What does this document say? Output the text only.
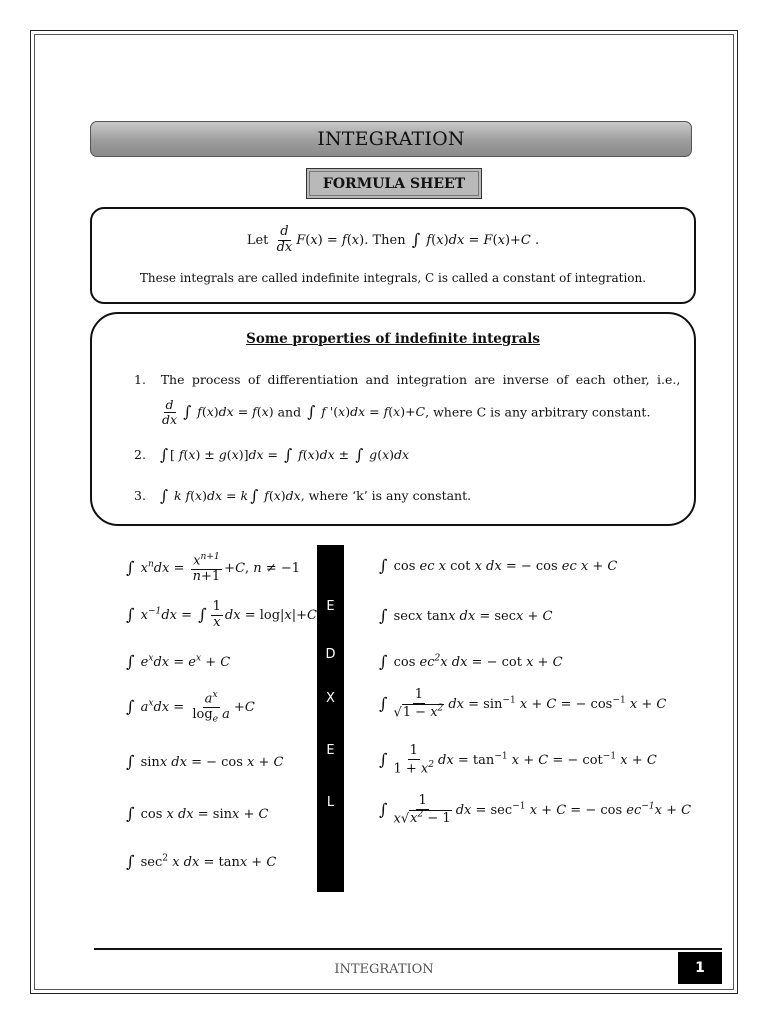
INTEGRATION
FORMULA SHEET
Let $\frac{d}{dx} F(x) = f(x)$. Then ∫ f(x)dx = F(x)+C .
These integrals are called indefinite integrals, C is called a constant of integration.
Some properties of indefinite integrals
1. The process of differentiation and integration are inverse of each other, i.e.,
$\frac{d}{dx}$ ∫ f(x)dx = f(x) and ∫ f '(x)dx = f(x)+C, where C is any arbitrary constant.
2. ∫ [ f(x) ± g(x)]dx = ∫ f(x)dx ± ∫ g(x)dx
3. ∫ k f(x)dx = k ∫ f(x)dx, where ‘k’ is any constant.
∫ $x^ndx = \frac{x^{n+1}}{n+1} +C$, n ≠ −1
∫ $x^{-1}dx$ = ∫ $\frac{1}{x}$ dx = log|x|+C
∫ $e^xdx = e^x + C$
∫ $a^xdx = \frac{a^x}{\log_e a} +C$
∫ sinx dx = − cos x + C
∫ cos x dx = sinx + C
∫ $\sec^2 x$ dx = tanx + C
E
D
X
E
L
∫ cos ec x cot x dx = − cos ec x + C
∫ secx tanx dx = secx + C
∫ $\cos ec^2x$ dx = − cot x + C
∫ $\frac{1}{√1 - x^2}$ dx = $\sin^{-1} x + C$ = − $\cos^{-1} x + C$
∫ $\frac{1}{1 + x^2}$ dx = $\tan^{-1} x + C$ = − $\cot^{-1} x + C$
∫ $\frac{1}{x√x^2 - 1}$ dx = $\sec^{-1} x + C$ = − $\cos ec^{-1}x + C$
INTEGRATION	1
